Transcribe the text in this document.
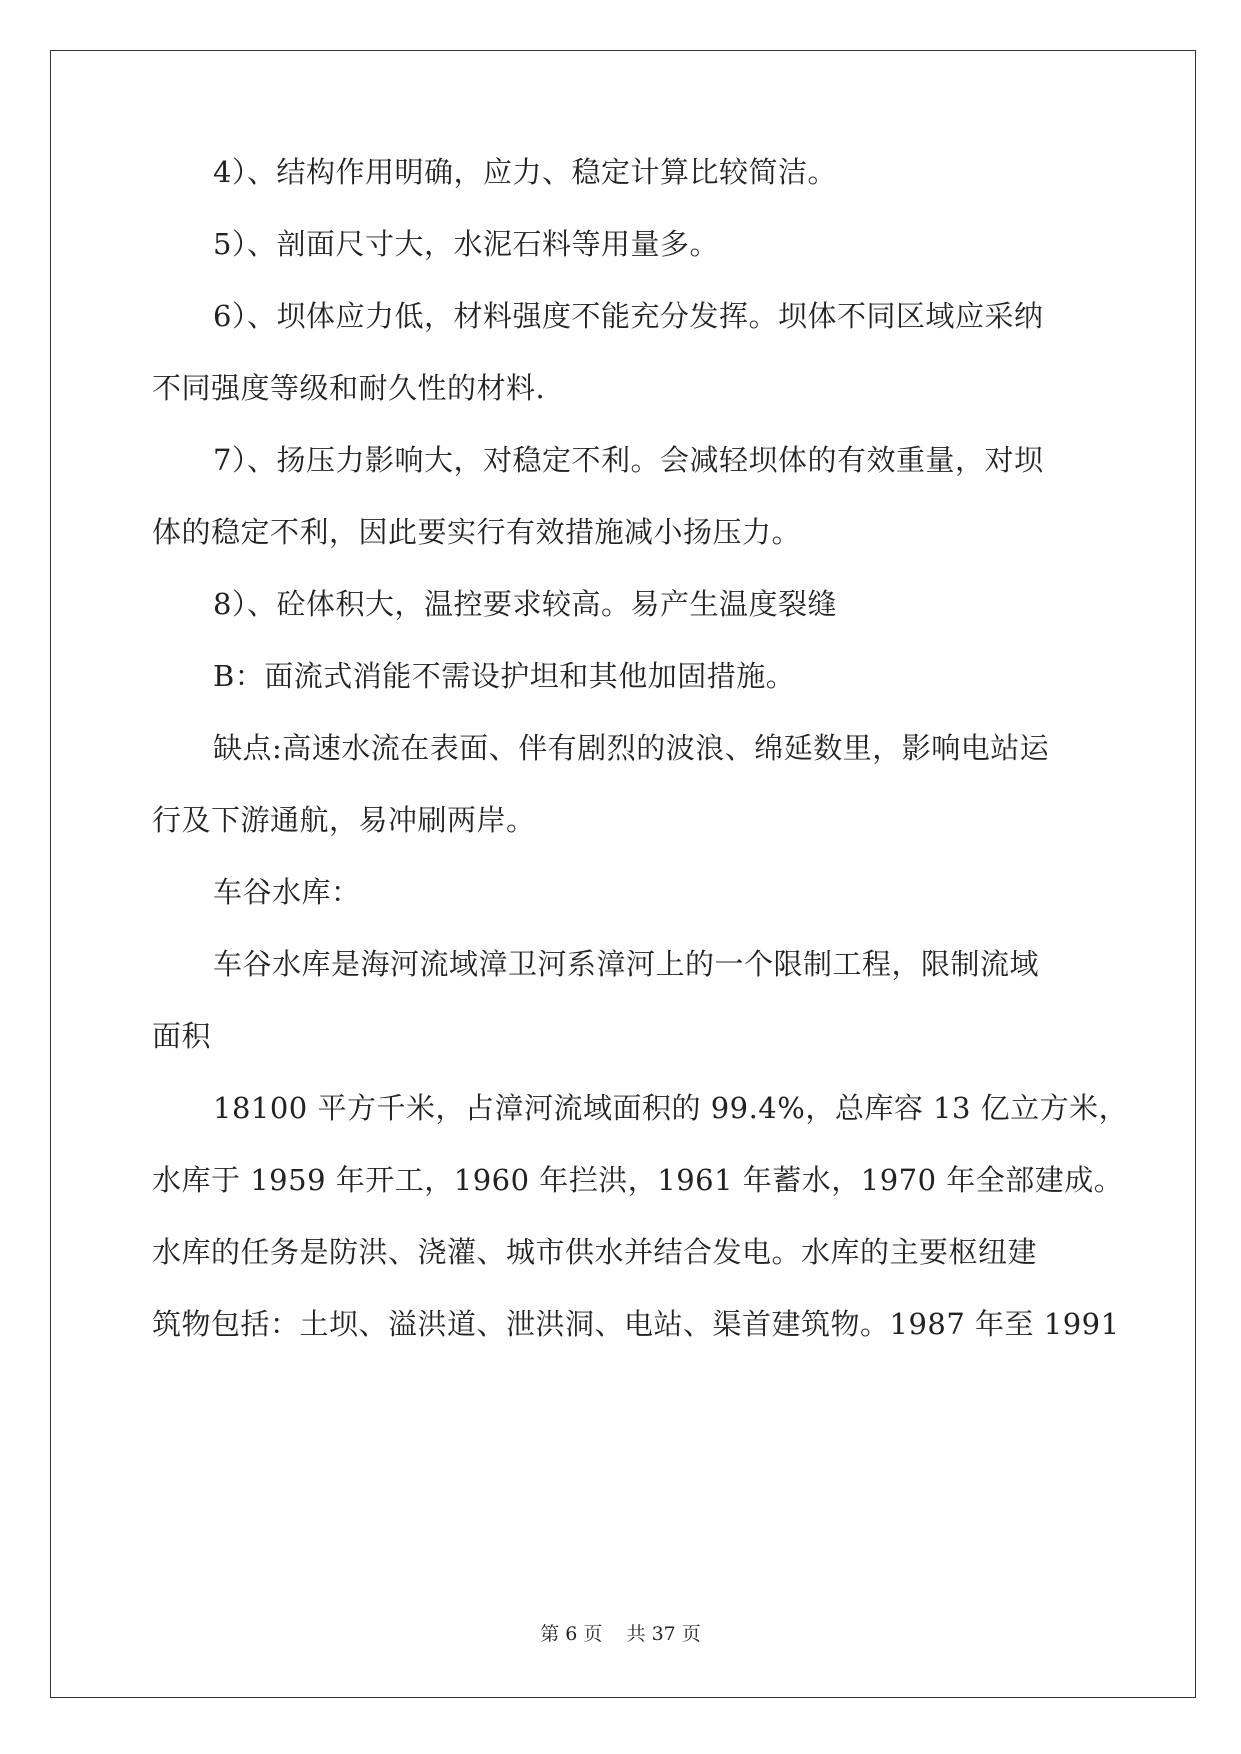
4）、结构作用明确，应力、稳定计算比较简洁。
5）、剖面尺寸大，水泥石料等用量多。
6）、坝体应力低，材料强度不能充分发挥。坝体不同区域应采纳
不同强度等级和耐久性的材料.
7）、扬压力影响大，对稳定不利。会减轻坝体的有效重量，对坝
体的稳定不利，因此要实行有效措施减小扬压力。
8）、砼体积大，温控要求较高。易产生温度裂缝
B：面流式消能不需设护坦和其他加固措施。
缺点:高速水流在表面、伴有剧烈的波浪、绵延数里，影响电站运
行及下游通航，易冲刷两岸。
车谷水库：
车谷水库是海河流域漳卫河系漳河上的一个限制工程，限制流域
面积
18100 平方千米，占漳河流域面积的 99.4%，总库容 13 亿立方米，
水库于 1959 年开工，1960 年拦洪，1961 年蓄水，1970 年全部建成。
水库的任务是防洪、浇灌、城市供水并结合发电。水库的主要枢纽建
筑物包括：土坝、溢洪道、泄洪洞、电站、渠首建筑物。1987 年至 1991
第 6 页 共 37 页
